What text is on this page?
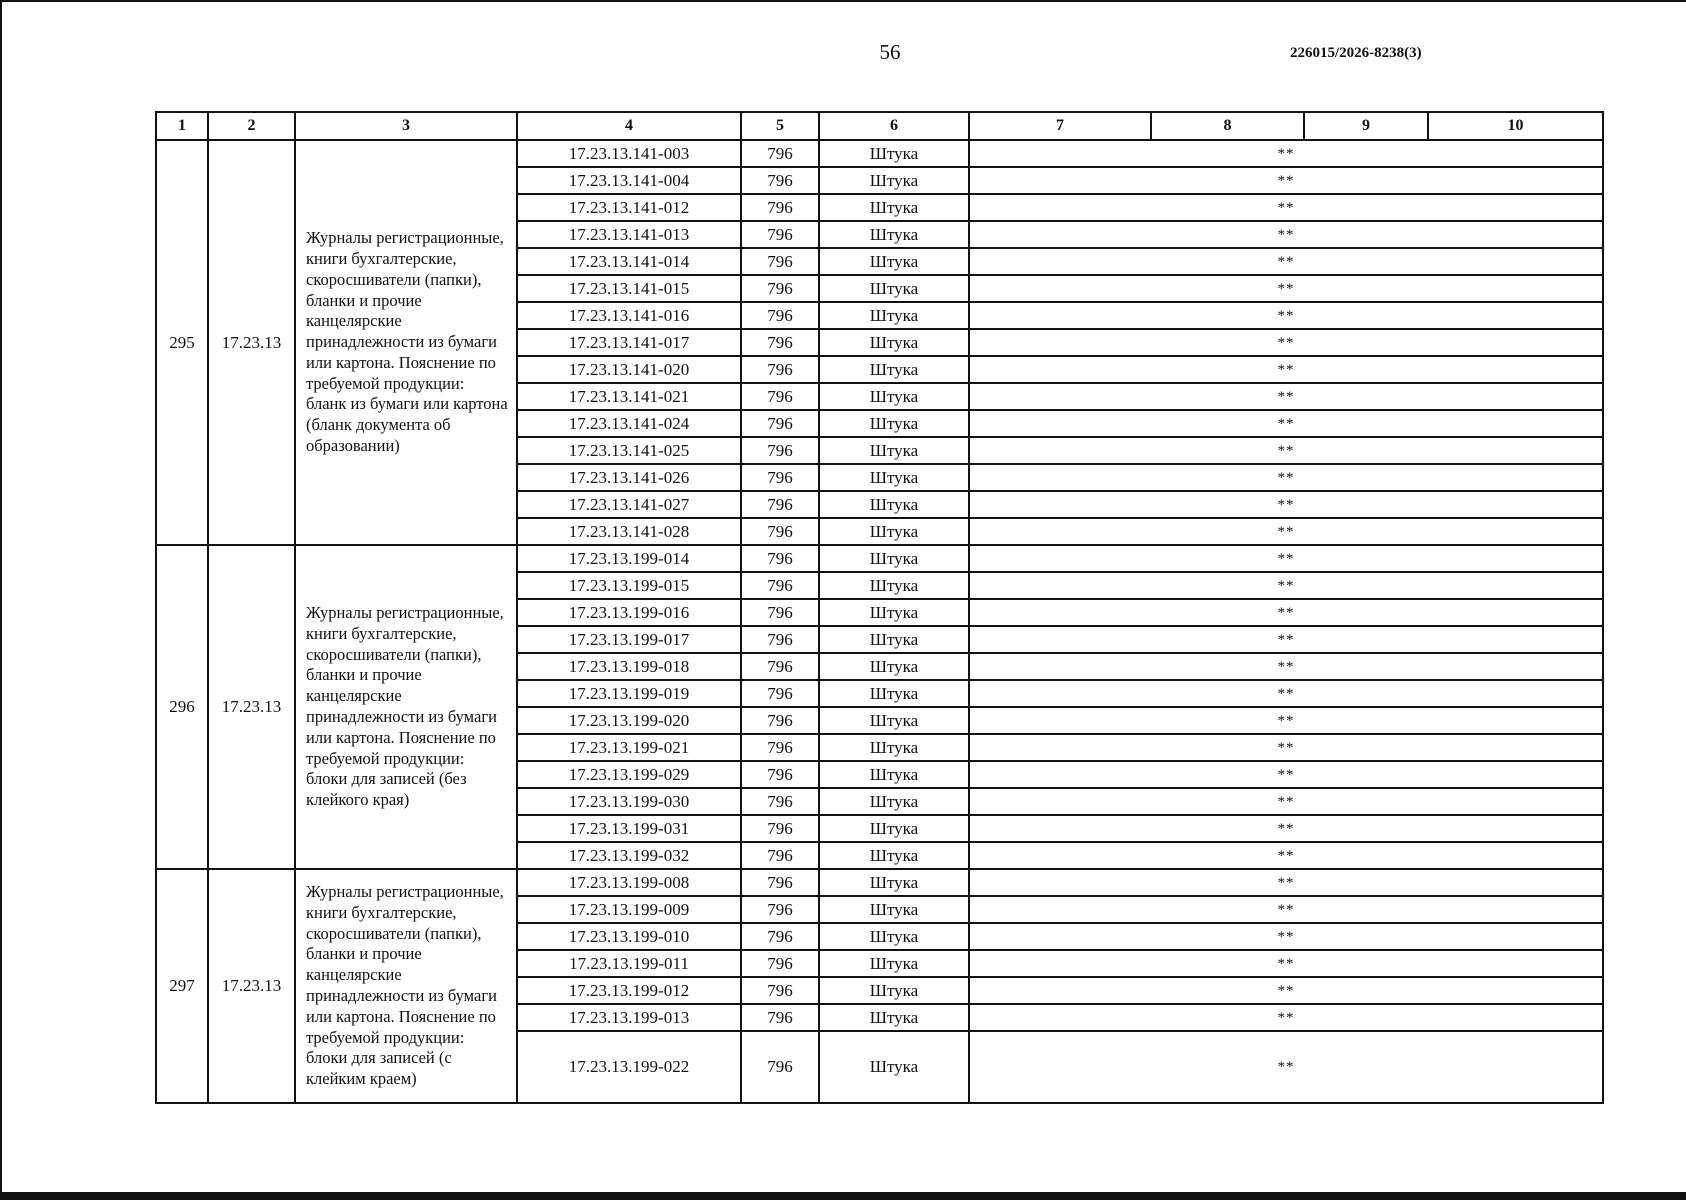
56	226015/2026-8238(3)
1	2	3	4	5	6	7	8	9	10
295	17.23.13	Журналы регистрационные, книги бухгалтерские, скоросшиватели (папки), бланки и прочие канцелярские принадлежности из бумаги или картона. Пояснение по требуемой продукции: бланк из бумаги или картона (бланк документа об образовании)	17.23.13.141-003	796	Штука	**			
			17.23.13.141-004	796	Штука	**			
			17.23.13.141-012	796	Штука	**			
			17.23.13.141-013	796	Штука	**			
			17.23.13.141-014	796	Штука	**			
			17.23.13.141-015	796	Штука	**			
			17.23.13.141-016	796	Штука	**			
			17.23.13.141-017	796	Штука	**			
			17.23.13.141-020	796	Штука	**			
			17.23.13.141-021	796	Штука	**			
			17.23.13.141-024	796	Штука	**			
			17.23.13.141-025	796	Штука	**			
			17.23.13.141-026	796	Штука	**			
			17.23.13.141-027	796	Штука	**			
			17.23.13.141-028	796	Штука	**			
296	17.23.13	Журналы регистрационные, книги бухгалтерские, скоросшиватели (папки), бланки и прочие канцелярские принадлежности из бумаги или картона. Пояснение по требуемой продукции: блоки для записей (без клейкого края)	17.23.13.199-014	796	Штука	**			
			17.23.13.199-015	796	Штука	**			
			17.23.13.199-016	796	Штука	**			
			17.23.13.199-017	796	Штука	**			
			17.23.13.199-018	796	Штука	**			
			17.23.13.199-019	796	Штука	**			
			17.23.13.199-020	796	Штука	**			
			17.23.13.199-021	796	Штука	**			
			17.23.13.199-029	796	Штука	**			
			17.23.13.199-030	796	Штука	**			
			17.23.13.199-031	796	Штука	**			
			17.23.13.199-032	796	Штука	**			
297	17.23.13	Журналы регистрационные, книги бухгалтерские, скоросшиватели (папки), бланки и прочие канцелярские принадлежности из бумаги или картона. Пояснение по требуемой продукции: блоки для записей (с клейким краем)	17.23.13.199-008	796	Штука	**			
			17.23.13.199-009	796	Штука	**			
			17.23.13.199-010	796	Штука	**			
			17.23.13.199-011	796	Штука	**			
			17.23.13.199-012	796	Штука	**			
			17.23.13.199-013	796	Штука	**			
			17.23.13.199-022	796	Штука	**			
